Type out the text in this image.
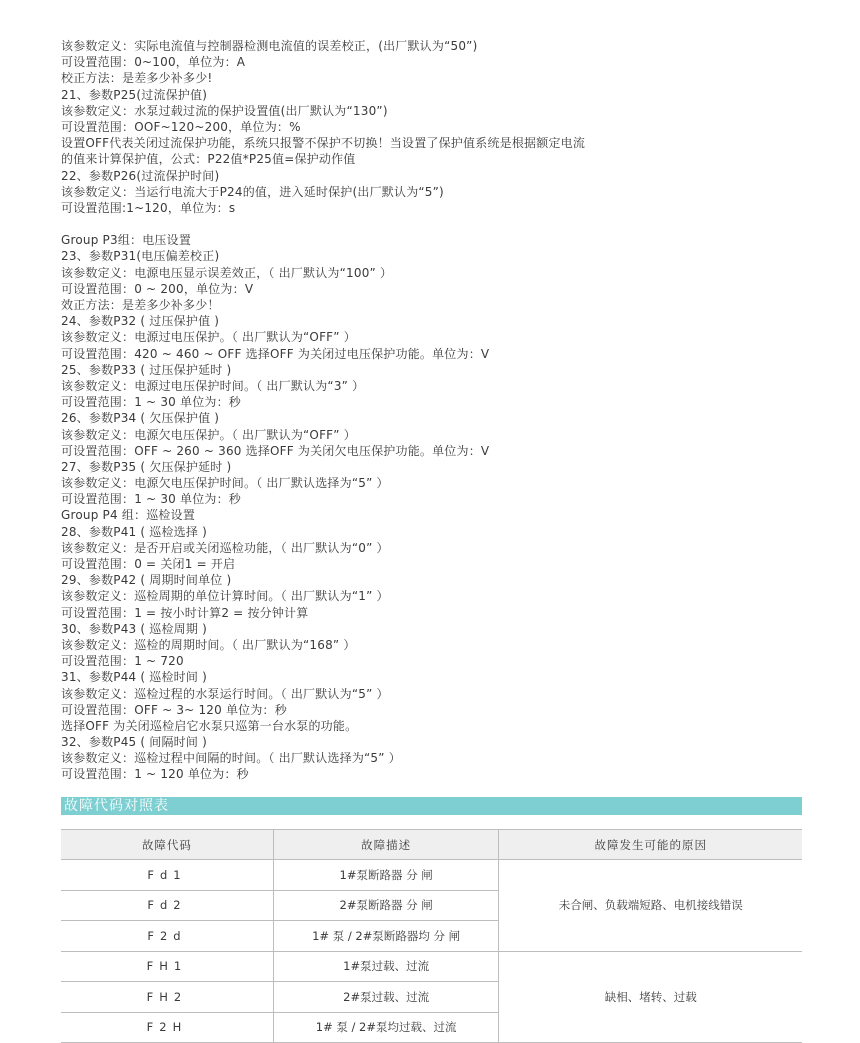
该参数定义：实际电流值与控制器检测电流值的误差校正，(出厂默认为“50”)
可设置范围：0~100，单位为：A
校正方法：是差多少补多少!
21、参数P25(过流保护值)
该参数定义：水泵过载过流的保护设置值(出厂默认为“130”)
可设置范围：OOF~120~200，单位为：%
设置OFF代表关闭过流保护功能，系统只报警不保护不切换！当设置了保护值系统是根据额定电流
的值来计算保护值，公式：P22值*P25值=保护动作值
22、参数P26(过流保护时间)
该参数定义：当运行电流大于P24的值，进入延时保护(出厂默认为“5”)
可设置范围:1~120，单位为：s
Group P3组：电压设置
23、参数P31(电压偏差校正)
该参数定义：电源电压显示误差效正，（ 出厂默认为“100” ）
可设置范围：0 ~ 200，单位为：V
效正方法：是差多少补多少！
24、参数P32 ( 过压保护值 )
该参数定义：电源过电压保护。（ 出厂默认为“OFF” ）
可设置范围：420 ~ 460 ~ OFF 选择OFF 为关闭过电压保护功能。单位为：V
25、参数P33 ( 过压保护延时 )
该参数定义：电源过电压保护时间。（ 出厂默认为“3” ）
可设置范围：1 ~ 30 单位为：秒
26、参数P34 ( 欠压保护值 )
该参数定义：电源欠电压保护。（ 出厂默认为“OFF” ）
可设置范围：OFF ~ 260 ~ 360 选择OFF 为关闭欠电压保护功能。单位为：V
27、参数P35 ( 欠压保护延时 )
该参数定义：电源欠电压保护时间。（ 出厂默认选择为“5” ）
可设置范围：1 ~ 30 单位为：秒
Group P4 组：巡检设置
28、参数P41 ( 巡检选择 )
该参数定义：是否开启或关闭巡检功能，（ 出厂默认为“0” ）
可设置范围：0 = 关闭1 = 开启
29、参数P42 ( 周期时间单位 )
该参数定义：巡检周期的单位计算时间。（ 出厂默认为“1” ）
可设置范围：1 = 按小时计算2 = 按分钟计算
30、参数P43 ( 巡检周期 )
该参数定义：巡检的周期时间。（ 出厂默认为“168” ）
可设置范围：1 ~ 720
31、参数P44 ( 巡检时间 )
该参数定义：巡检过程的水泵运行时间。（ 出厂默认为“5” ）
可设置范围：OFF ~ 3~ 120 单位为：秒
选择OFF 为关闭巡检启它水泵只巡第一台水泵的功能。
32、参数P45 ( 间隔时间 )
该参数定义：巡检过程中间隔的时间。（ 出厂默认选择为“5” ）
可设置范围：1 ~ 120 单位为：秒
故障代码对照表
故障代码	故障描述	故障发生可能的原因
Fd1	1#泵断路器 分 闸	未合闸、负载端短路、电机接线错误
Fd2	2#泵断路器 分 闸	
F2d	1# 泵 / 2#泵断路器均 分 闸	
FH1	1#泵过载、过流	缺相、堵转、过载
FH2	2#泵过载、过流	
F2H	1# 泵 / 2#泵均过载、过流	
